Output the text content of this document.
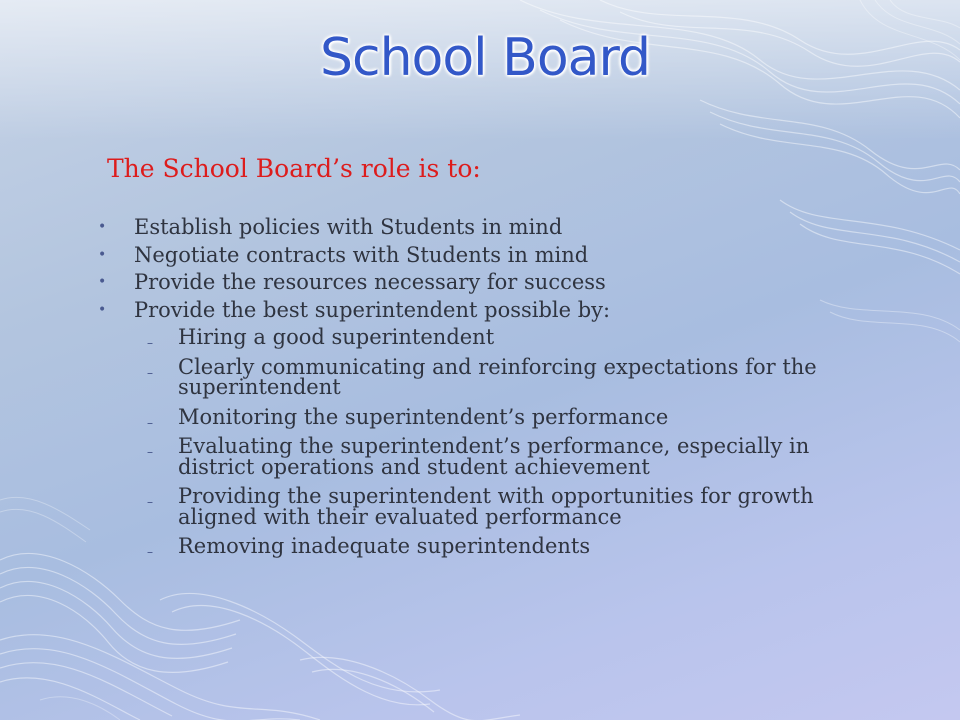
School Board
The School Board’s role is to:
• Establish policies with Students in mind
• Negotiate contracts with Students in mind
• Provide the resources necessary for success
• Provide the best superintendent possible by:
– Hiring a good superintendent
– Clearly communicating and reinforcing expectations for the superintendent
– Monitoring the superintendent’s performance
– Evaluating the superintendent’s performance, especially in district operations and student achievement
– Providing the superintendent with opportunities for growth aligned with their evaluated performance
– Removing inadequate superintendents
